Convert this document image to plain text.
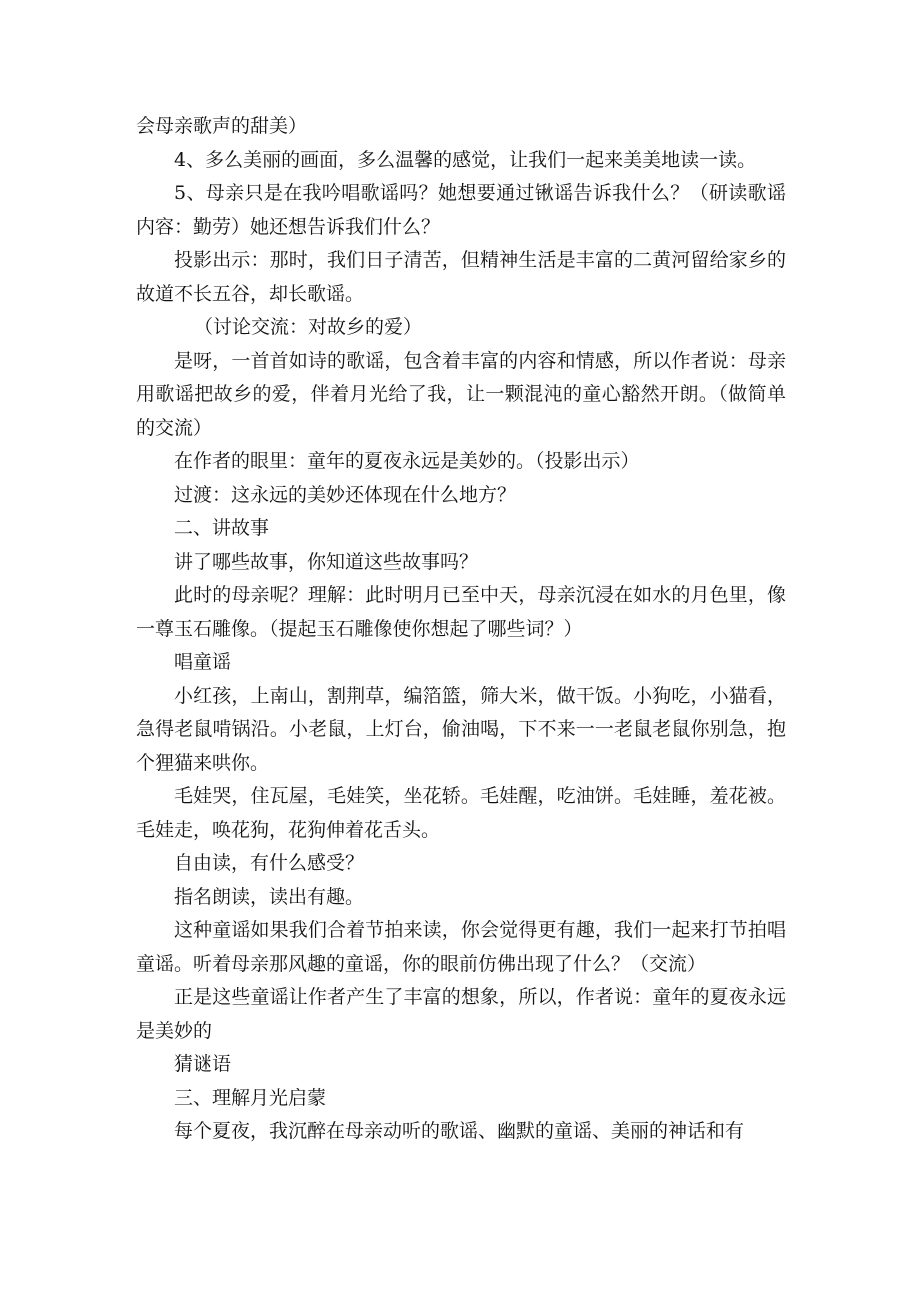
会母亲歌声的甜美）

4、多么美丽的画面，多么温馨的感觉，让我们一起来美美地读一读。

5、母亲只是在我吟唱歌谣吗？她想要通过锹谣告诉我什么？（研读歌谣内容：勤劳）她还想告诉我们什么？

投影出示：那时，我们日子清苦，但精神生活是丰富的二黄河留给家乡的故道不长五谷，却长歌谣。

（讨论交流：对故乡的爱）

是呀，一首首如诗的歌谣，包含着丰富的内容和情感，所以作者说：母亲用歌谣把故乡的爱，伴着月光给了我，让一颗混沌的童心豁然开朗。（做简单的交流）

在作者的眼里：童年的夏夜永远是美妙的。（投影出示）

过渡：这永远的美妙还体现在什么地方？

二、讲故事

讲了哪些故事，你知道这些故事吗？

此时的母亲呢？理解：此时明月已至中天，母亲沉浸在如水的月色里，像一尊玉石雕像。（提起玉石雕像使你想起了哪些词？）

唱童谣

小红孩，上南山，割荆草，编箔篮，筛大米，做干饭。小狗吃，小猫看，急得老鼠啃锅沿。小老鼠，上灯台，偷油喝，下不来一一老鼠老鼠你别急，抱个狸猫来哄你。

毛娃哭，住瓦屋，毛娃笑，坐花轿。毛娃醒，吃油饼。毛娃睡，羞花被。毛娃走，唤花狗，花狗伸着花舌头。

自由读，有什么感受？

指名朗读，读出有趣。

这种童谣如果我们合着节拍来读，你会觉得更有趣，我们一起来打节拍唱童谣。听着母亲那风趣的童谣，你的眼前仿佛出现了什么？（交流）

正是这些童谣让作者产生了丰富的想象，所以，作者说：童年的夏夜永远是美妙的

猜谜语

三、理解月光启蒙

每个夏夜，我沉醉在母亲动听的歌谣、幽默的童谣、美丽的神话和有
